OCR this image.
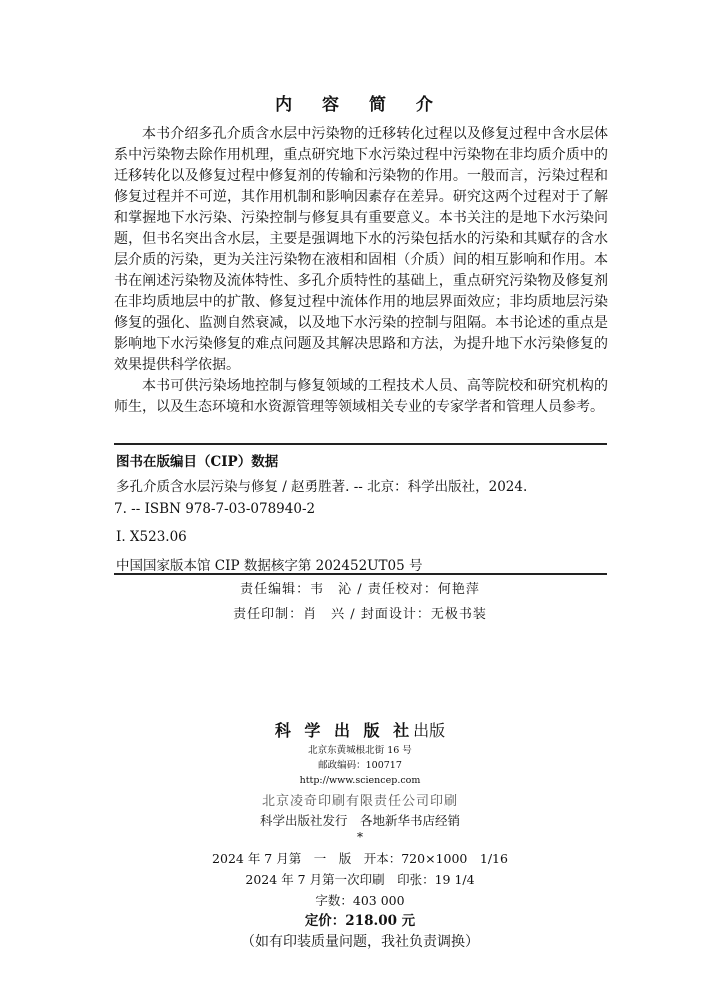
内 容 简 介

本书介绍多孔介质含水层中污染物的迁移转化过程以及修复过程中含水层体系中污染物去除作用机理，重点研究地下水污染过程中污染物在非均质介质中的迁移转化以及修复过程中修复剂的传输和污染物的作用。一般而言，污染过程和修复过程并不可逆，其作用机制和影响因素存在差异。研究这两个过程对于了解和掌握地下水污染、污染控制与修复具有重要意义。本书关注的是地下水污染问题，但书名突出含水层，主要是强调地下水的污染包括水的污染和其赋存的含水层介质的污染，更为关注污染物在液相和固相（介质）间的相互影响和作用。本书在阐述污染物及流体特性、多孔介质特性的基础上，重点研究污染物及修复剂在非均质地层中的扩散、修复过程中流体作用的地层界面效应；非均质地层污染修复的强化、监测自然衰减，以及地下水污染的控制与阻隔。本书论述的重点是影响地下水污染修复的难点问题及其解决思路和方法，为提升地下水污染修复的效果提供科学依据。

本书可供污染场地控制与修复领域的工程技术人员、高等院校和研究机构的师生，以及生态环境和水资源管理等领域相关专业的专家学者和管理人员参考。

图书在版编目（CIP）数据
多孔介质含水层污染与修复 / 赵勇胜著. -- 北京：科学出版社，2024.
7. -- ISBN 978-7-03-078940-2
Ⅰ. X523.06
中国国家版本馆 CIP 数据核字第 202452UT05 号
责任编辑：韦　沁 / 责任校对：何艳萍
责任印制：肖　兴 / 封面设计：无极书装
科 学 出 版 社出版
北京东黄城根北街 16 号
邮政编码：100717
http://www.sciencep.com
北京凌奇印刷有限责任公司印刷
科学出版社发行　各地新华书店经销
*
2024 年 7 月第　一　版　开本：720×1000　1/16
2024 年 7 月第一次印刷　印张：19 1/4
字数：403 000
定价：218.00 元
（如有印装质量问题，我社负责调换）
